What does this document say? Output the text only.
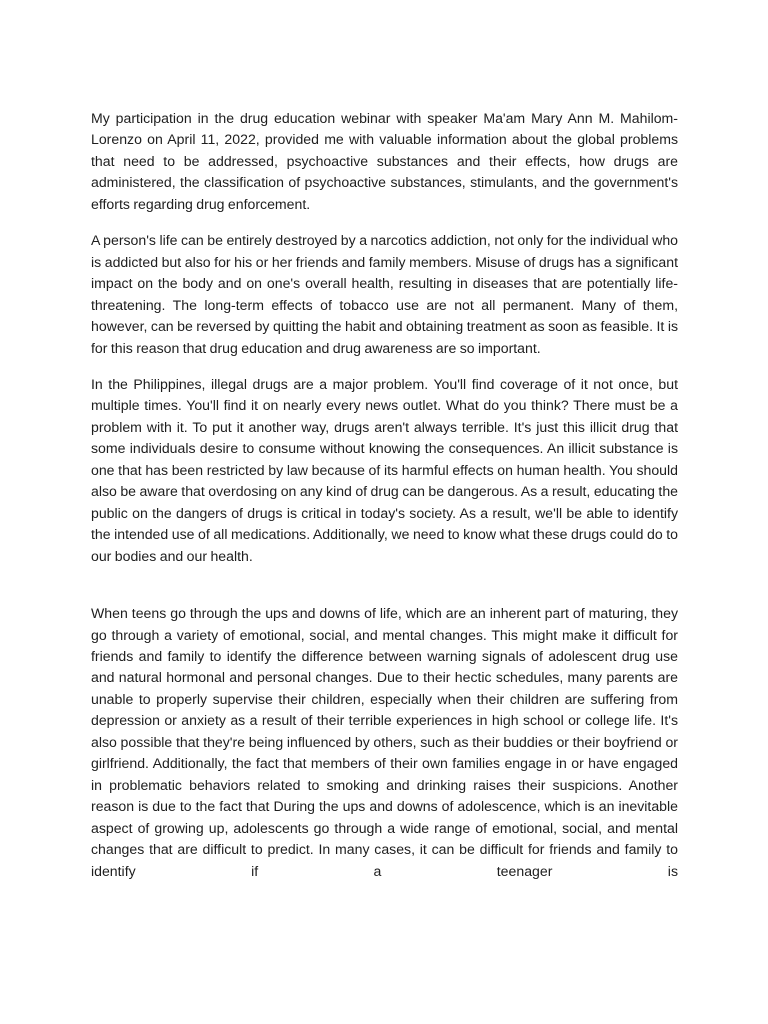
My participation in the drug education webinar with speaker Ma'am Mary Ann M. Mahilom-Lorenzo on April 11, 2022, provided me with valuable information about the global problems that need to be addressed, psychoactive substances and their effects, how drugs are administered, the classification of psychoactive substances, stimulants, and the government's efforts regarding drug enforcement.

A person's life can be entirely destroyed by a narcotics addiction, not only for the individual who is addicted but also for his or her friends and family members. Misuse of drugs has a significant impact on the body and on one's overall health, resulting in diseases that are potentially life-threatening. The long-term effects of tobacco use are not all permanent. Many of them, however, can be reversed by quitting the habit and obtaining treatment as soon as feasible. It is for this reason that drug education and drug awareness are so important.

In the Philippines, illegal drugs are a major problem. You'll find coverage of it not once, but multiple times. You'll find it on nearly every news outlet. What do you think? There must be a problem with it. To put it another way, drugs aren't always terrible. It's just this illicit drug that some individuals desire to consume without knowing the consequences. An illicit substance is one that has been restricted by law because of its harmful effects on human health. You should also be aware that overdosing on any kind of drug can be dangerous. As a result, educating the public on the dangers of drugs is critical in today's society. As a result, we'll be able to identify the intended use of all medications. Additionally, we need to know what these drugs could do to our bodies and our health.

When teens go through the ups and downs of life, which are an inherent part of maturing, they go through a variety of emotional, social, and mental changes. This might make it difficult for friends and family to identify the difference between warning signals of adolescent drug use and natural hormonal and personal changes. Due to their hectic schedules, many parents are unable to properly supervise their children, especially when their children are suffering from depression or anxiety as a result of their terrible experiences in high school or college life. It's also possible that they're being influenced by others, such as their buddies or their boyfriend or girlfriend. Additionally, the fact that members of their own families engage in or have engaged in problematic behaviors related to smoking and drinking raises their suspicions. Another reason is due to the fact that During the ups and downs of adolescence, which is an inevitable aspect of growing up, adolescents go through a wide range of emotional, social, and mental changes that are difficult to predict. In many cases, it can be difficult for friends and family to identify if a teenager is
